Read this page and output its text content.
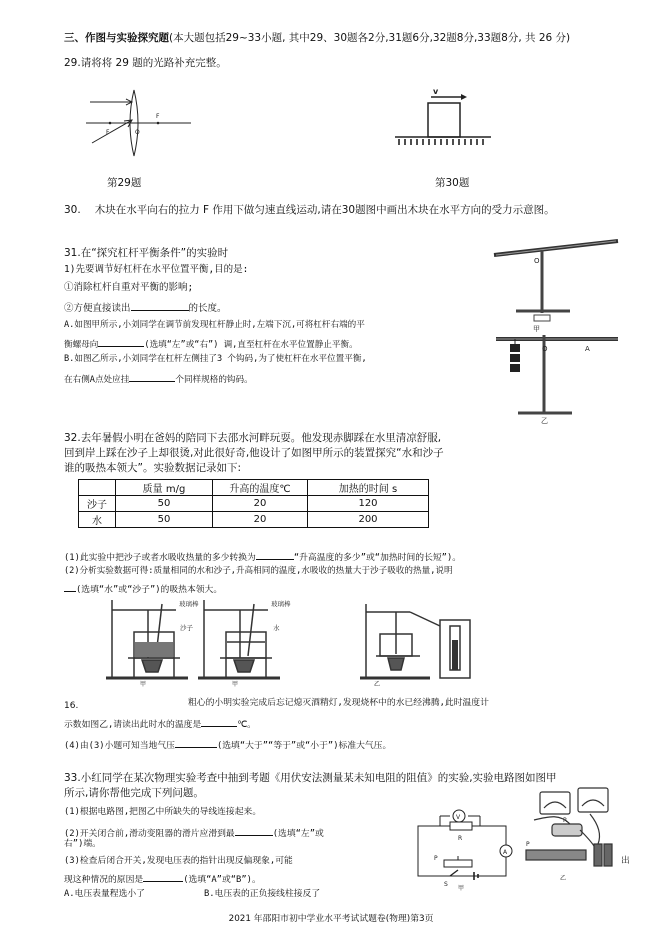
三、作图与实验探究题(本大题包括29~33小题, 其中29、30题各2分,31题6分,32题8分,33题8分, 共 26 分)
29.请将将 29 题的光路补充完整。
F	O
F
第29题
v
第30题
30. 木块在水平向右的拉力 F 作用下做匀速直线运动,请在30题图中画出木块在水平方向的受力示意图。
31.在“探究杠杆平衡条件”的实验时
1)先要调节好杠杆在水平位置平衡,目的是:
①消除杠杆自重对平衡的影响;
②方便直接读出	的长度。
A.如图甲所示,小刘同学在调节前发现杠杆静止时,左端下沉,可将杠杆右端的平
衡螺母向	(选填“左”或“右”) 调,直至杠杆在水平位置静止平衡。
B.如图乙所示,小刘同学在杠杆左侧挂了3 个钩码,为了使杠杆在水平位置平衡,
在右侧A点处应挂	个同样规格的钩码。
O
甲
O	A
乙
32.去年暑假小明在爸妈的陪同下去邵水河畔玩耍。他发现赤脚踩在水里清凉舒服,
回到岸上踩在沙子上却很烫,对此很好奇,他设计了如图甲所示的装置探究“水和沙子
谁的吸热本领大”。实验数据记录如下:
	质量 m/g	升高的温度℃	加热的时间 s
沙子	50	20	120
水	50	20	200
(1)此实验中把沙子或者水吸收热量的多少转换为	“升高温度的多少”或“加热时间的长短”)。
(2)分析实验数据可得:质量相同的水和沙子,升高相同的温度,水吸收的热量大于沙子吸收的热量,说明
(选填“水”或“沙子”)的吸热本领大。
玻璃棒
沙子
甲
玻璃棒
水
甲	乙
16.	粗心的小明实验完成后忘记熄灭酒精灯,发现烧杯中的水已经沸腾,此时温度计
示数如图乙,请读出此时水的温度是	℃。
(4)由(3)小题可知当地气压	(选填“大于”“等于”或“小于”)标准大气压。
33.小红同学在某次物理实验考查中抽到考题《用伏安法测量某未知电阻的阻值》的实验,实验电路图如图甲
所示,请你帮他完成下列问题。
(1)根据电路图,把图乙中所缺失的导线连接起来。
(2)开关闭合前,滑动变阻器的滑片应滑到最	(选填“左”或
右”)端。
(3)检查后闭合开关,发现电压表的指针出现反偏现象,可能	出
现这种情况的原因是	(选填“A”或“B”)。
A.电压表量程选小了	B.电压表的正负接线柱接反了
V
R
A
P
S
甲
R
P
乙
2021 年邵阳市初中学业水平考试试题卷(物理)第3页
